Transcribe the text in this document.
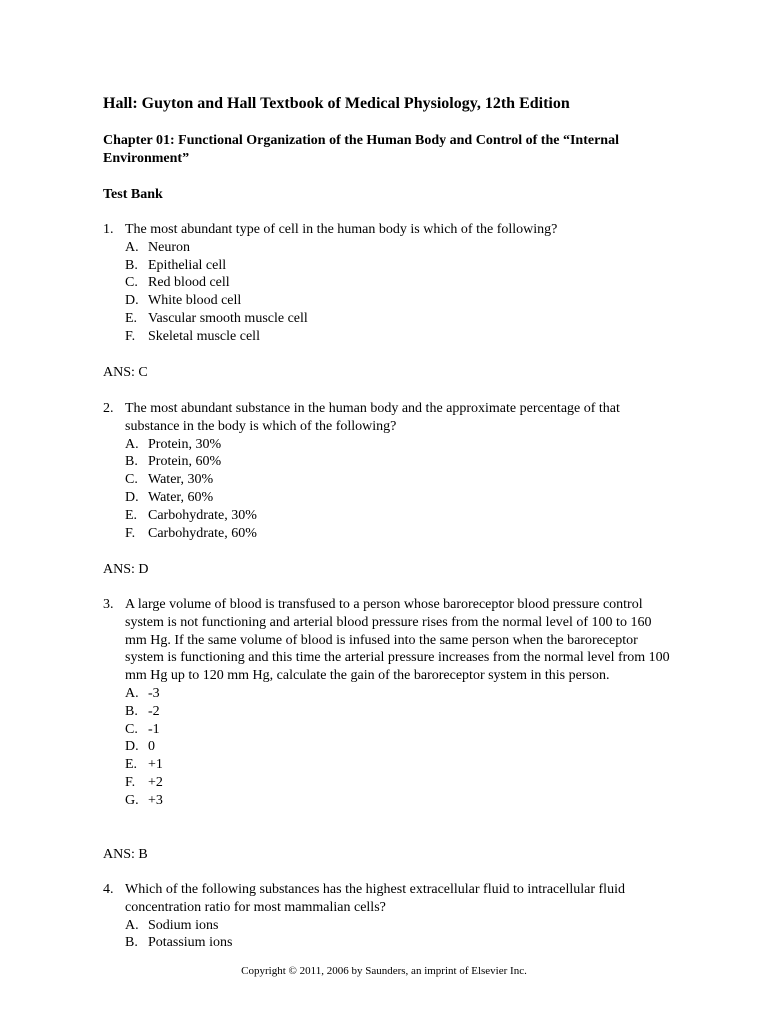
Hall: Guyton and Hall Textbook of Medical Physiology, 12th Edition
Chapter 01: Functional Organization of the Human Body and Control of the “Internal Environment”
Test Bank
1. The most abundant type of cell in the human body is which of the following?
A. Neuron
B. Epithelial cell
C. Red blood cell
D. White blood cell
E. Vascular smooth muscle cell
F. Skeletal muscle cell
ANS: C
2. The most abundant substance in the human body and the approximate percentage of that substance in the body is which of the following?
A. Protein, 30%
B. Protein, 60%
C. Water, 30%
D. Water, 60%
E. Carbohydrate, 30%
F. Carbohydrate, 60%
ANS: D
3. A large volume of blood is transfused to a person whose baroreceptor blood pressure control system is not functioning and arterial blood pressure rises from the normal level of 100 to 160 mm Hg. If the same volume of blood is infused into the same person when the baroreceptor system is functioning and this time the arterial pressure increases from the normal level from 100 mm Hg up to 120 mm Hg, calculate the gain of the baroreceptor system in this person.
A. -3
B. -2
C. -1
D. 0
E. +1
F. +2
G. +3
ANS: B
4. Which of the following substances has the highest extracellular fluid to intracellular fluid concentration ratio for most mammalian cells?
A. Sodium ions
B. Potassium ions
Copyright © 2011, 2006 by Saunders, an imprint of Elsevier Inc.
